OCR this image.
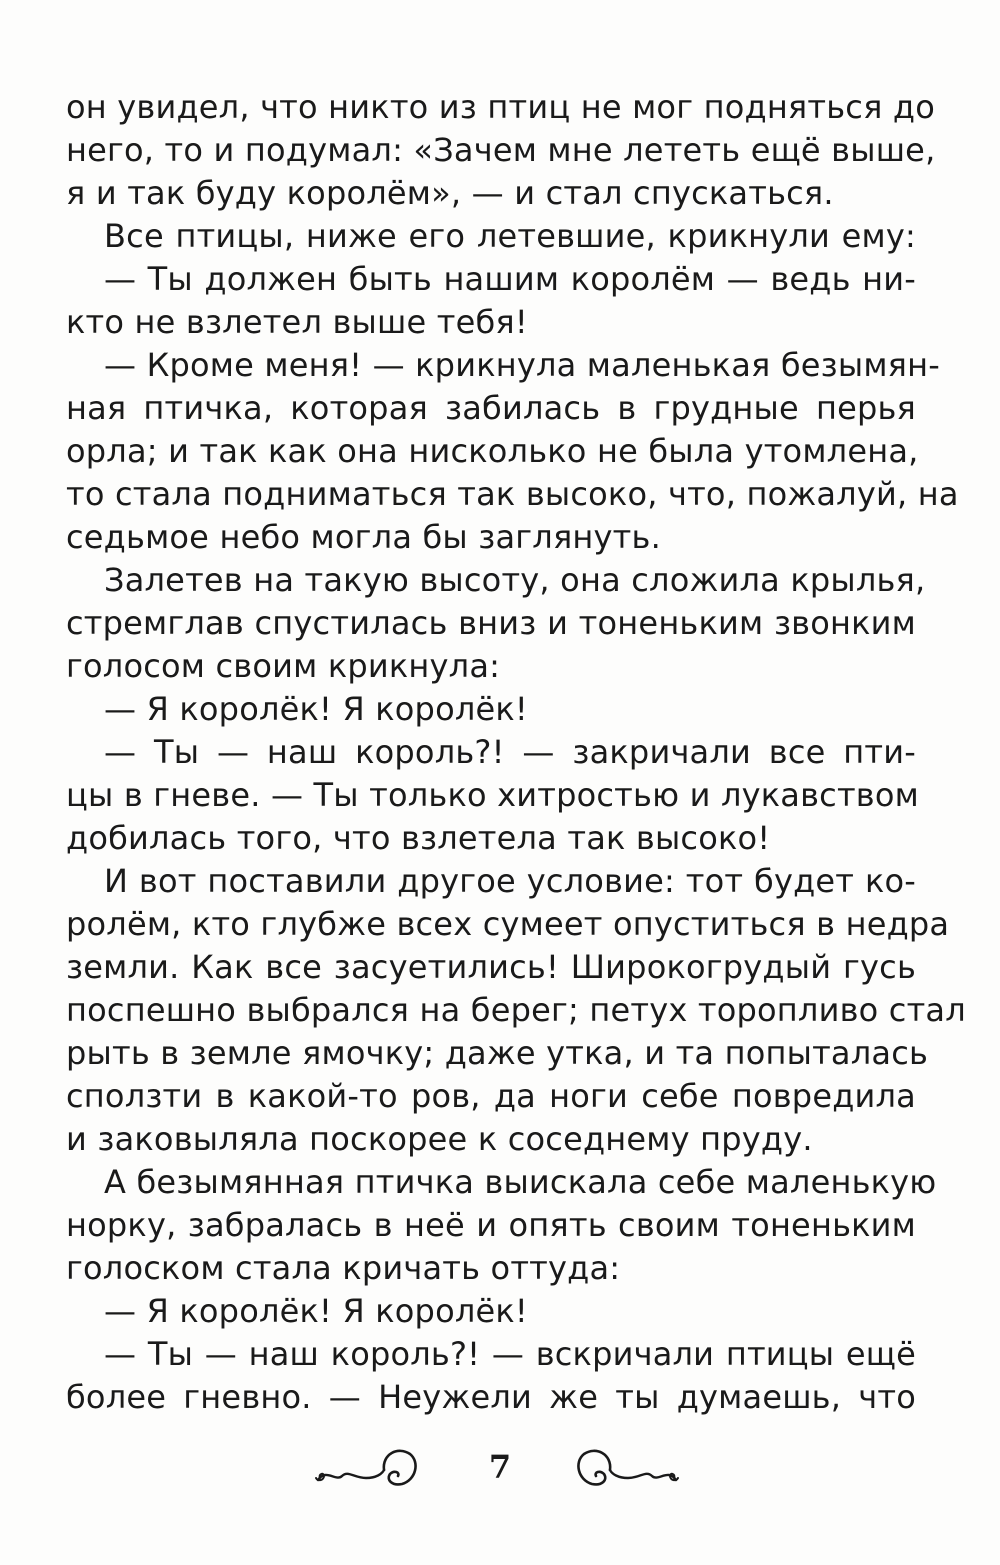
он увидел, что никто из птиц не мог подняться до
него, то и подумал: «Зачем мне лететь ещё выше,
я и так буду королём», — и стал спускаться.
Все птицы, ниже его летевшие, крикнули ему:
— Ты должен быть нашим королём — ведь ни-
кто не взлетел выше тебя!
— Кроме меня! — крикнула маленькая безымян-
ная птичка, которая забилась в грудные перья
орла; и так как она нисколько не была утомлена,
то стала подниматься так высоко, что, пожалуй, на
седьмое небо могла бы заглянуть.
Залетев на такую высоту, она сложила крылья,
стремглав спустилась вниз и тоненьким звонким
голосом своим крикнула:
— Я королёк! Я королёк!
— Ты — наш король?! — закричали все пти-
цы в гневе. — Ты только хитростью и лукавством
добилась того, что взлетела так высоко!
И вот поставили другое условие: тот будет ко-
ролём, кто глубже всех сумеет опуститься в недра
земли. Как все засуетились! Широкогрудый гусь
поспешно выбрался на берег; петух торопливо стал
рыть в земле ямочку; даже утка, и та попыталась
сползти в какой-то ров, да ноги себе повредила
и заковыляла поскорее к соседнему пруду.
А безымянная птичка выискала себе маленькую
норку, забралась в неё и опять своим тоненьким
голоском стала кричать оттуда:
— Я королёк! Я королёк!
— Ты — наш король?! — вскричали птицы ещё
более гневно. — Неужели же ты думаешь, что
7
